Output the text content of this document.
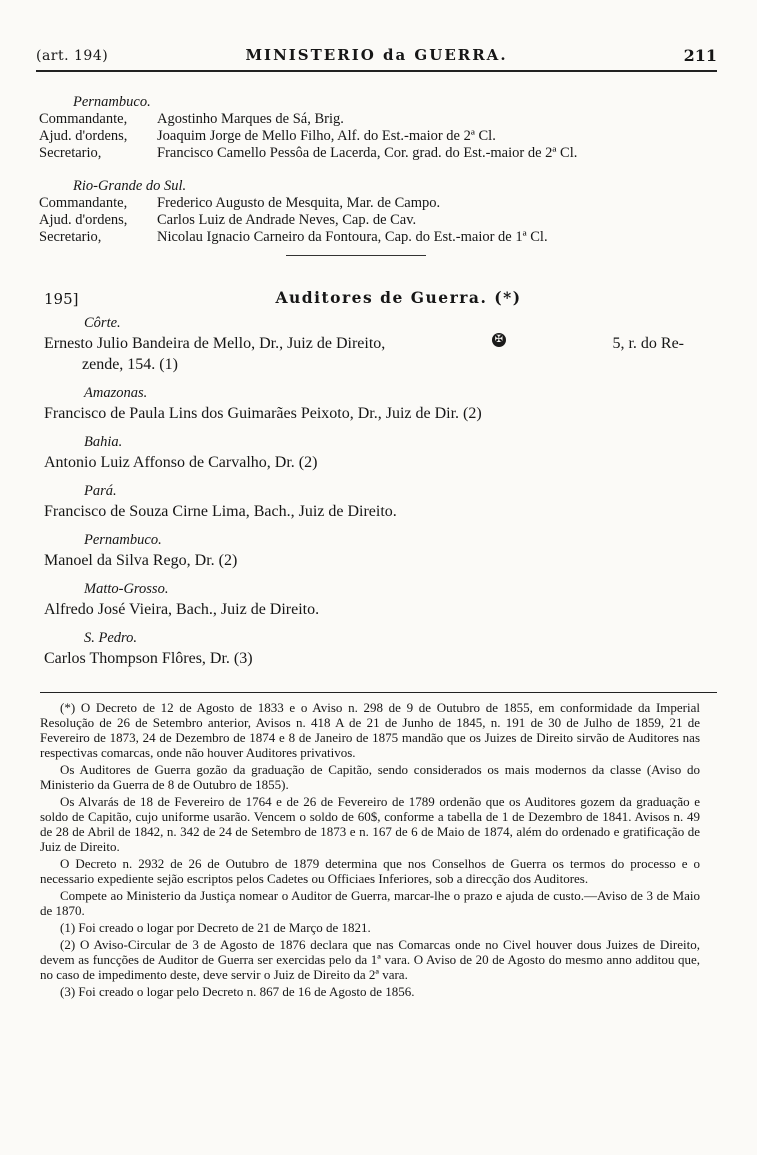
(art. 194)	MINISTERIO da GUERRA.	211
Pernambuco.
Commandante,	Agostinho Marques de Sá, Brig.
Ajud. d'ordens,	Joaquim Jorge de Mello Filho, Alf. do Est.-maior de 2ª Cl.
Secretario,	Francisco Camello Pessôa de Lacerda, Cor. grad. do Est.-maior de 2ª Cl.
Rio-Grande do Sul.
Commandante,	Frederico Augusto de Mesquita, Mar. de Campo.
Ajud. d'ordens,	Carlos Luiz de Andrade Neves, Cap. de Cav.
Secretario,	Nicolau Ignacio Carneiro da Fontoura, Cap. do Est.-maior de 1ª Cl.
195]	Auditores de Guerra. (*)
Côrte.
Ernesto Julio Bandeira de Mello, Dr., Juiz de Direito,	✠	5, r. do Re-
zende, 154. (1)
Amazonas.
Francisco de Paula Lins dos Guimarães Peixoto, Dr., Juiz de Dir. (2)
Bahia.
Antonio Luiz Affonso de Carvalho, Dr. (2)
Pará.
Francisco de Souza Cirne Lima, Bach., Juiz de Direito.
Pernambuco.
Manoel da Silva Rego, Dr. (2)
Matto-Grosso.
Alfredo José Vieira, Bach., Juiz de Direito.
S. Pedro.
Carlos Thompson Flôres, Dr. (3)

(*) O Decreto de 12 de Agosto de 1833 e o Aviso n. 298 de 9 de Outubro de 1855, em conformidade da Imperial Resolução de 26 de Setembro anterior, Avisos n. 418 A de 21 de Junho de 1845, n. 191 de 30 de Julho de 1859, 21 de Fevereiro de 1873, 24 de Dezembro de 1874 e 8 de Janeiro de 1875 mandão que os Juizes de Direito sirvão de Auditores nas respectivas comarcas, onde não houver Auditores privativos.

Os Auditores de Guerra gozão da graduação de Capitão, sendo considerados os mais modernos da classe (Aviso do Ministerio da Guerra de 8 de Outubro de 1855).

Os Alvarás de 18 de Fevereiro de 1764 e de 26 de Fevereiro de 1789 ordenão que os Auditores gozem da graduação e soldo de Capitão, cujo uniforme usarão. Vencem o soldo de 60$, conforme a tabella de 1 de Dezembro de 1841. Avisos n. 49 de 28 de Abril de 1842, n. 342 de 24 de Setembro de 1873 e n. 167 de 6 de Maio de 1874, além do ordenado e gratificação de Juiz de Direito.

O Decreto n. 2932 de 26 de Outubro de 1879 determina que nos Conselhos de Guerra os termos do processo e o necessario expediente sejão escriptos pelos Cadetes ou Officiaes Inferiores, sob a direcção dos Auditores.

Compete ao Ministerio da Justiça nomear o Auditor de Guerra, marcar-lhe o prazo e ajuda de custo.—Aviso de 3 de Maio de 1870.

(1) Foi creado o logar por Decreto de 21 de Março de 1821.

(2) O Aviso-Circular de 3 de Agosto de 1876 declara que nas Comarcas onde no Civel houver dous Juizes de Direito, devem as funcções de Auditor de Guerra ser exercidas pelo da 1ª vara. O Aviso de 20 de Agosto do mesmo anno additou que, no caso de impedimento deste, deve servir o Juiz de Direito da 2ª vara.

(3) Foi creado o logar pelo Decreto n. 867 de 16 de Agosto de 1856.
